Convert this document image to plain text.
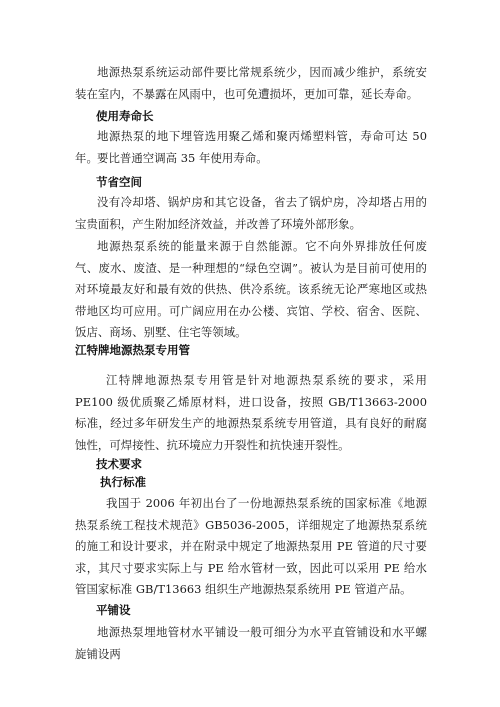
地源热泵系统运动部件要比常规系统少，因而减少维护，系统安装在室内，不暴露在风雨中，也可免遭损坏，更加可靠，延长寿命。

使用寿命长

地源热泵的地下埋管选用聚乙烯和聚丙烯塑料管，寿命可达 50 年。 要比普通空调高 35 年使用寿命。

节省空间

没有冷却塔、锅炉房和其它设备，省去了锅炉房，冷却塔占用的宝贵面积，产生附加经济效益，并改善了环境外部形象。

地源热泵系统的能量来源于自然能源。它不向外界排放任何废气、废水、废渣、是一种理想的“绿色空调”。被认为是目前可使用的对环境最友好和最有效的供热、供冷系统。该系统无论严寒地区或热带地区均可应用。可广阔应用在办公楼、宾馆、学校、宿舍、医院、饭店、商场、别墅、住宅等领域。

江特牌地源热泵专用管

江特牌地源热泵专用管是针对地源热泵系统的要求，采用 PE100 级优质聚乙烯原材料，进口设备，按照 GB/T13663-2000 标准，经过多年研发生产的地源热泵系统专用管道，具有良好的耐腐蚀性，可焊接性、抗环境应力开裂性和抗快速开裂性。

技术要求
执行标准

我国于 2006 年初出台了一份地源热泵系统的国家标准《地源热泵系统工程技术规范》GB5036-2005，详细规定了地源热泵系统的施工和设计要求，并在附录中规定了地源热泵用 PE 管道的尺寸要求，其尺寸要求实际上与 PE 给水管材一致，因此可以采用 PE 给水管国家标准 GB/T13663 组织生产地源热泵系统用 PE 管道产品。

平铺设

地源热泵埋地管材水平铺设一般可细分为水平直管铺设和水平螺旋铺设两
